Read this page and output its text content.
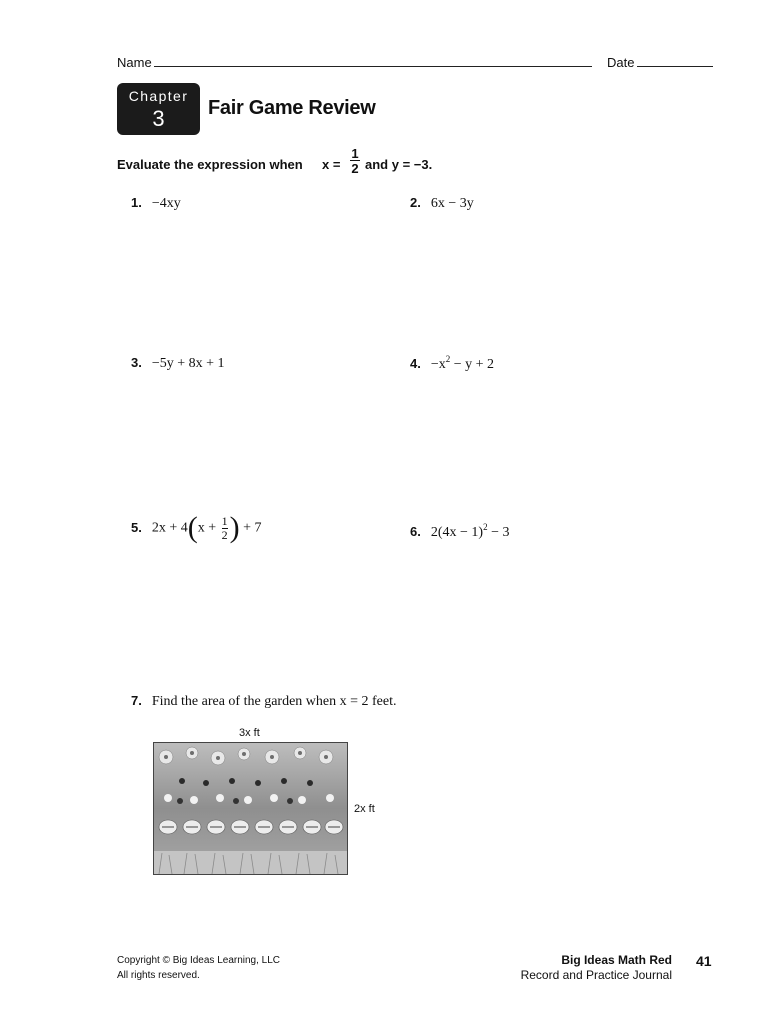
Name	Date
Chapter
3	Fair Game Review
Evaluate the expression when $x = \frac{1}{2}$ and y = −3.
1. −4xy	2. 6x − 3y
3. −5y + 8x + 1	4. $-x^2 - y + 2$
5. $2x + 4(x + \frac{1}{2}$ ) + 7	6. $2(4x - 1)^2 - 3$
7. Find the area of the garden when x = 2 feet.
3x ft
2x ft
Copyright © Big Ideas Learning, LLC
All rights reserved.
Big Ideas Math Red
Record and Practice Journal
41
